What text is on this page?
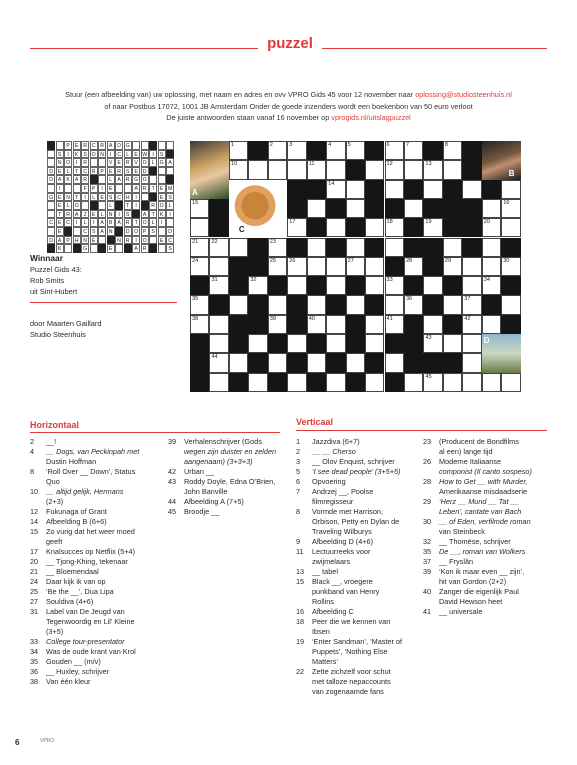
puzzel
Stuur (een afbeelding van) uw oplossing, met naam en adres en ovv VPRO Gids 45 voor 12 november naar oplossing@studiosteenhuis.nl
of naar Postbus 17072, 1001 JB Amsterdam Onder de goede inzenders wordt een boekenbon van 50 euro verloot
De juiste antwoorden staan vanaf 16 november op vprogids.nl/uitslagpuzzel
P E R C R A D G
S	I	K S O N	I	C L	E W	I	S
N O	I	R	V E R V O L G A
D E	L	T C R P E R S E D
D A K A R	L	A R G O
I	F P	I	E	A R T E M
G E N T	I	L	E S C H	I	E S
E	L O	L	T	I	R O L
T R A Z E	L N	I	S	A T K	I
C E C	I	L	I	A B A R T O L	I
E	C S A N	D O P S	D
D A P H N E	N R	I	O	E C
K	G	E	A R	S
Winnaar
Puzzel Gids 43:
Rob Smits
uit Sint-Hubert
door Maarten Gaillard
Studio Steenhuis
1	2	3	4	5	6	7	8
10	11	12	13
14
15	16
17	18	19	20
21 22	23
24	25 26	27	28	29	30
31	32	33	34
35	36	37
38	39	40	41	42
43
44
45
A
B
C
D
Horizontaal	Verticaal
2 __!
4 __ Dogs, van Peckinpah met
Dustin Hoffman
8 ‘Roll Over __ Down’, Status
Quo
10 __ altijd gelijk, Hermans
(2+3)
12 Fukunaga of Grant
14 Afbeelding B (6+6)
15 Zo vurig dat het weer moed
geeft
17 Knalsucces op Netflix (5+4)
20 __ Tjong-Khing, tekenaar
21 __ Bloemendaal
24 Daar kijk ik van op
25 ‘Be the __’, Dua Lipa
27 Souldiva (4+6)
31 Label van De Jeugd van
Tegenwoordig en Lil’ Kleine
(3+5)
33 College tour-presentator
34 Was de oude krant van Krol
35 Gouden __ (m/v)
36 __ Huxley, schrijver
38 Van één kleur
39 Verhalenschrijver (Gods
wegen zijn duister en zelden
aangenaam) (3+3+3)
42 Urban __
43 Roddy Doyle, Edna O’Brien,
John Banville
44 Afbeelding A (7+5)
45 Broodje __
1 Jazzdiva (6+7)
2 __ __ Cherso
3 __ Olov Enquist, schrijver
5 ‘I see dead people’ (3+5+5)
6 Opvoering
7 Andrzej __, Poolse
filmregisseur
8 Vormde met Harrison,
Orbison, Petty en Dylan de
Traveling Wilburys
9 Afbeelding D (4+6)
11 Lectuurreeks voor
zwijmelaars
13 __ tabel
15 Black __, vroegere
punkband van Henry
Rollins
16 Afbeelding C
18 Peer die we kennen van
Ibsen
19 ‘Enter Sandman’, ‘Master of
Puppets’, ‘Nothing Else
Matters’
22 Zette zichzelf voor schut
met talloze nepaccounts
van zogenaamde fans
23 (Producent de Bondfilms
al een) lange tijd
26 Moderne Italiaanse
componist (Il canto sospeso)
28 How to Get __ with Murder,
Amerikaanse misdaadserie
29 ‘Herz __ Mund __ Tat __
Leben’, cantate van Bach
30 __ of Eden, verfilmde roman
van Steinbeck
32 __ Thomése, schrijver
35 De __, roman van Wolkers
37 __ Fryslân
39 ‘Kon ik maar even __ zijn’,
hit van Gordon (2+2)
40 Zanger die eigenlijk Paul
David Hewson heet
41 __ universale
6	VPRO
